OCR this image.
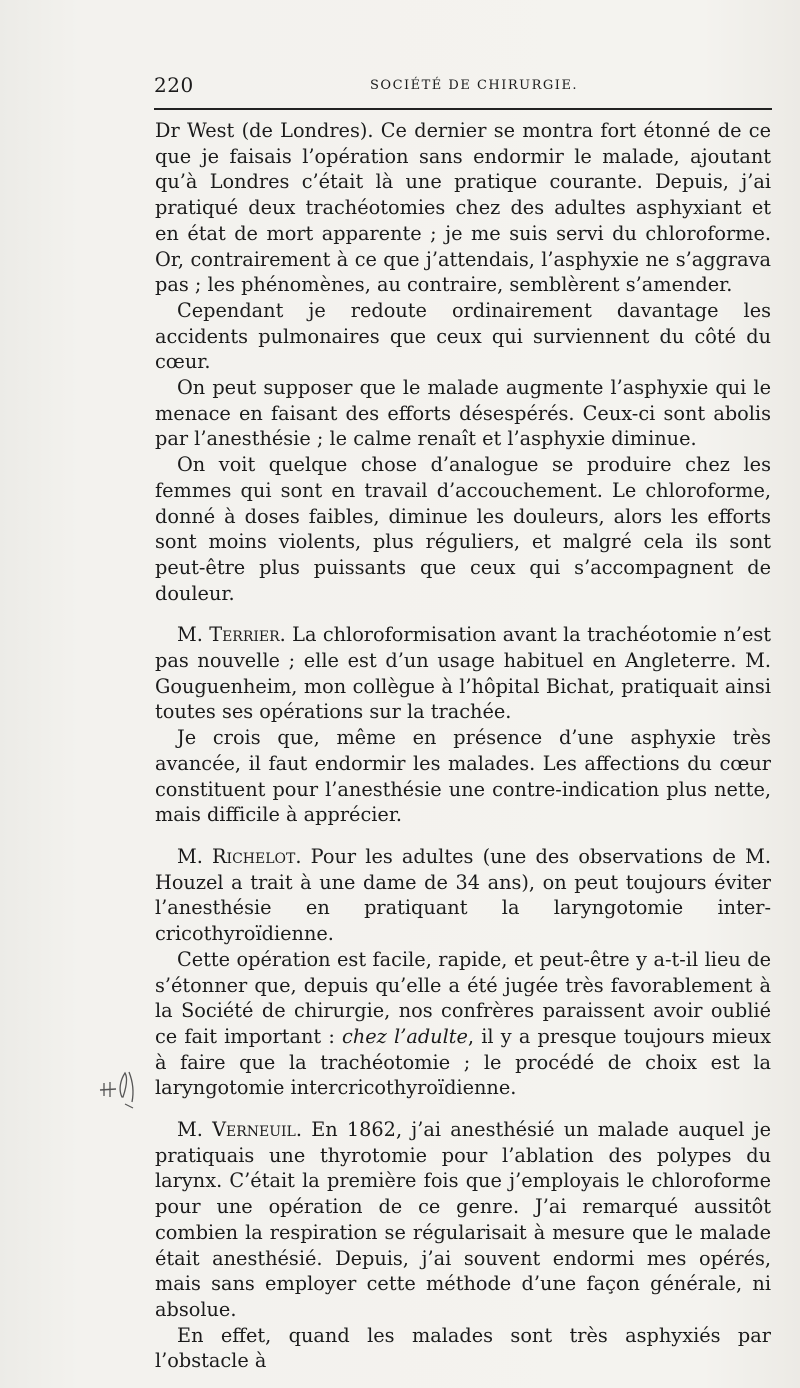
220	SOCIÉTÉ DE CHIRURGIE.

Dr West (de Londres). Ce dernier se montra fort étonné de ce que je faisais l’opération sans endormir le malade, ajoutant qu’à Londres c’était là une pratique courante. Depuis, j’ai pratiqué deux trachéotomies chez des adultes asphyxiant et en état de mort apparente ; je me suis servi du chloroforme. Or, contrairement à ce que j’attendais, l’asphyxie ne s’aggrava pas ; les phénomènes, au contraire, semblèrent s’amender.

Cependant je redoute ordinairement davantage les accidents pulmonaires que ceux qui surviennent du côté du cœur.

On peut supposer que le malade augmente l’asphyxie qui le menace en faisant des efforts désespérés. Ceux-ci sont abolis par l’anesthésie ; le calme renaît et l’asphyxie diminue.

On voit quelque chose d’analogue se produire chez les femmes qui sont en travail d’accouchement. Le chloroforme, donné à doses faibles, diminue les douleurs, alors les efforts sont moins violents, plus réguliers, et malgré cela ils sont peut-être plus puissants que ceux qui s’accompagnent de douleur.

M. Terrier. La chloroformisation avant la trachéotomie n’est pas nouvelle ; elle est d’un usage habituel en Angleterre. M. Gouguenheim, mon collègue à l’hôpital Bichat, pratiquait ainsi toutes ses opérations sur la trachée.

Je crois que, même en présence d’une asphyxie très avancée, il faut endormir les malades. Les affections du cœur constituent pour l’anesthésie une contre-indication plus nette, mais difficile à apprécier.

M. Richelot. Pour les adultes (une des observations de M. Houzel a trait à une dame de 34 ans), on peut toujours éviter l’anesthésie en pratiquant la laryngotomie inter-cricothyroïdienne.

Cette opération est facile, rapide, et peut-être y a-t-il lieu de s’étonner que, depuis qu’elle a été jugée très favorablement à la Société de chirurgie, nos confrères paraissent avoir oublié ce fait important : chez l’adulte, il y a presque toujours mieux à faire que la trachéotomie ; le procédé de choix est la laryngotomie intercricothyroïdienne.

M. Verneuil. En 1862, j’ai anesthésié un malade auquel je pratiquais une thyrotomie pour l’ablation des polypes du larynx. C’était la première fois que j’employais le chloroforme pour une opération de ce genre. J’ai remarqué aussitôt combien la respiration se régularisait à mesure que le malade était anesthésié. Depuis, j’ai souvent endormi mes opérés, mais sans employer cette méthode d’une façon générale, ni absolue.

En effet, quand les malades sont très asphyxiés par l’obstacle à
